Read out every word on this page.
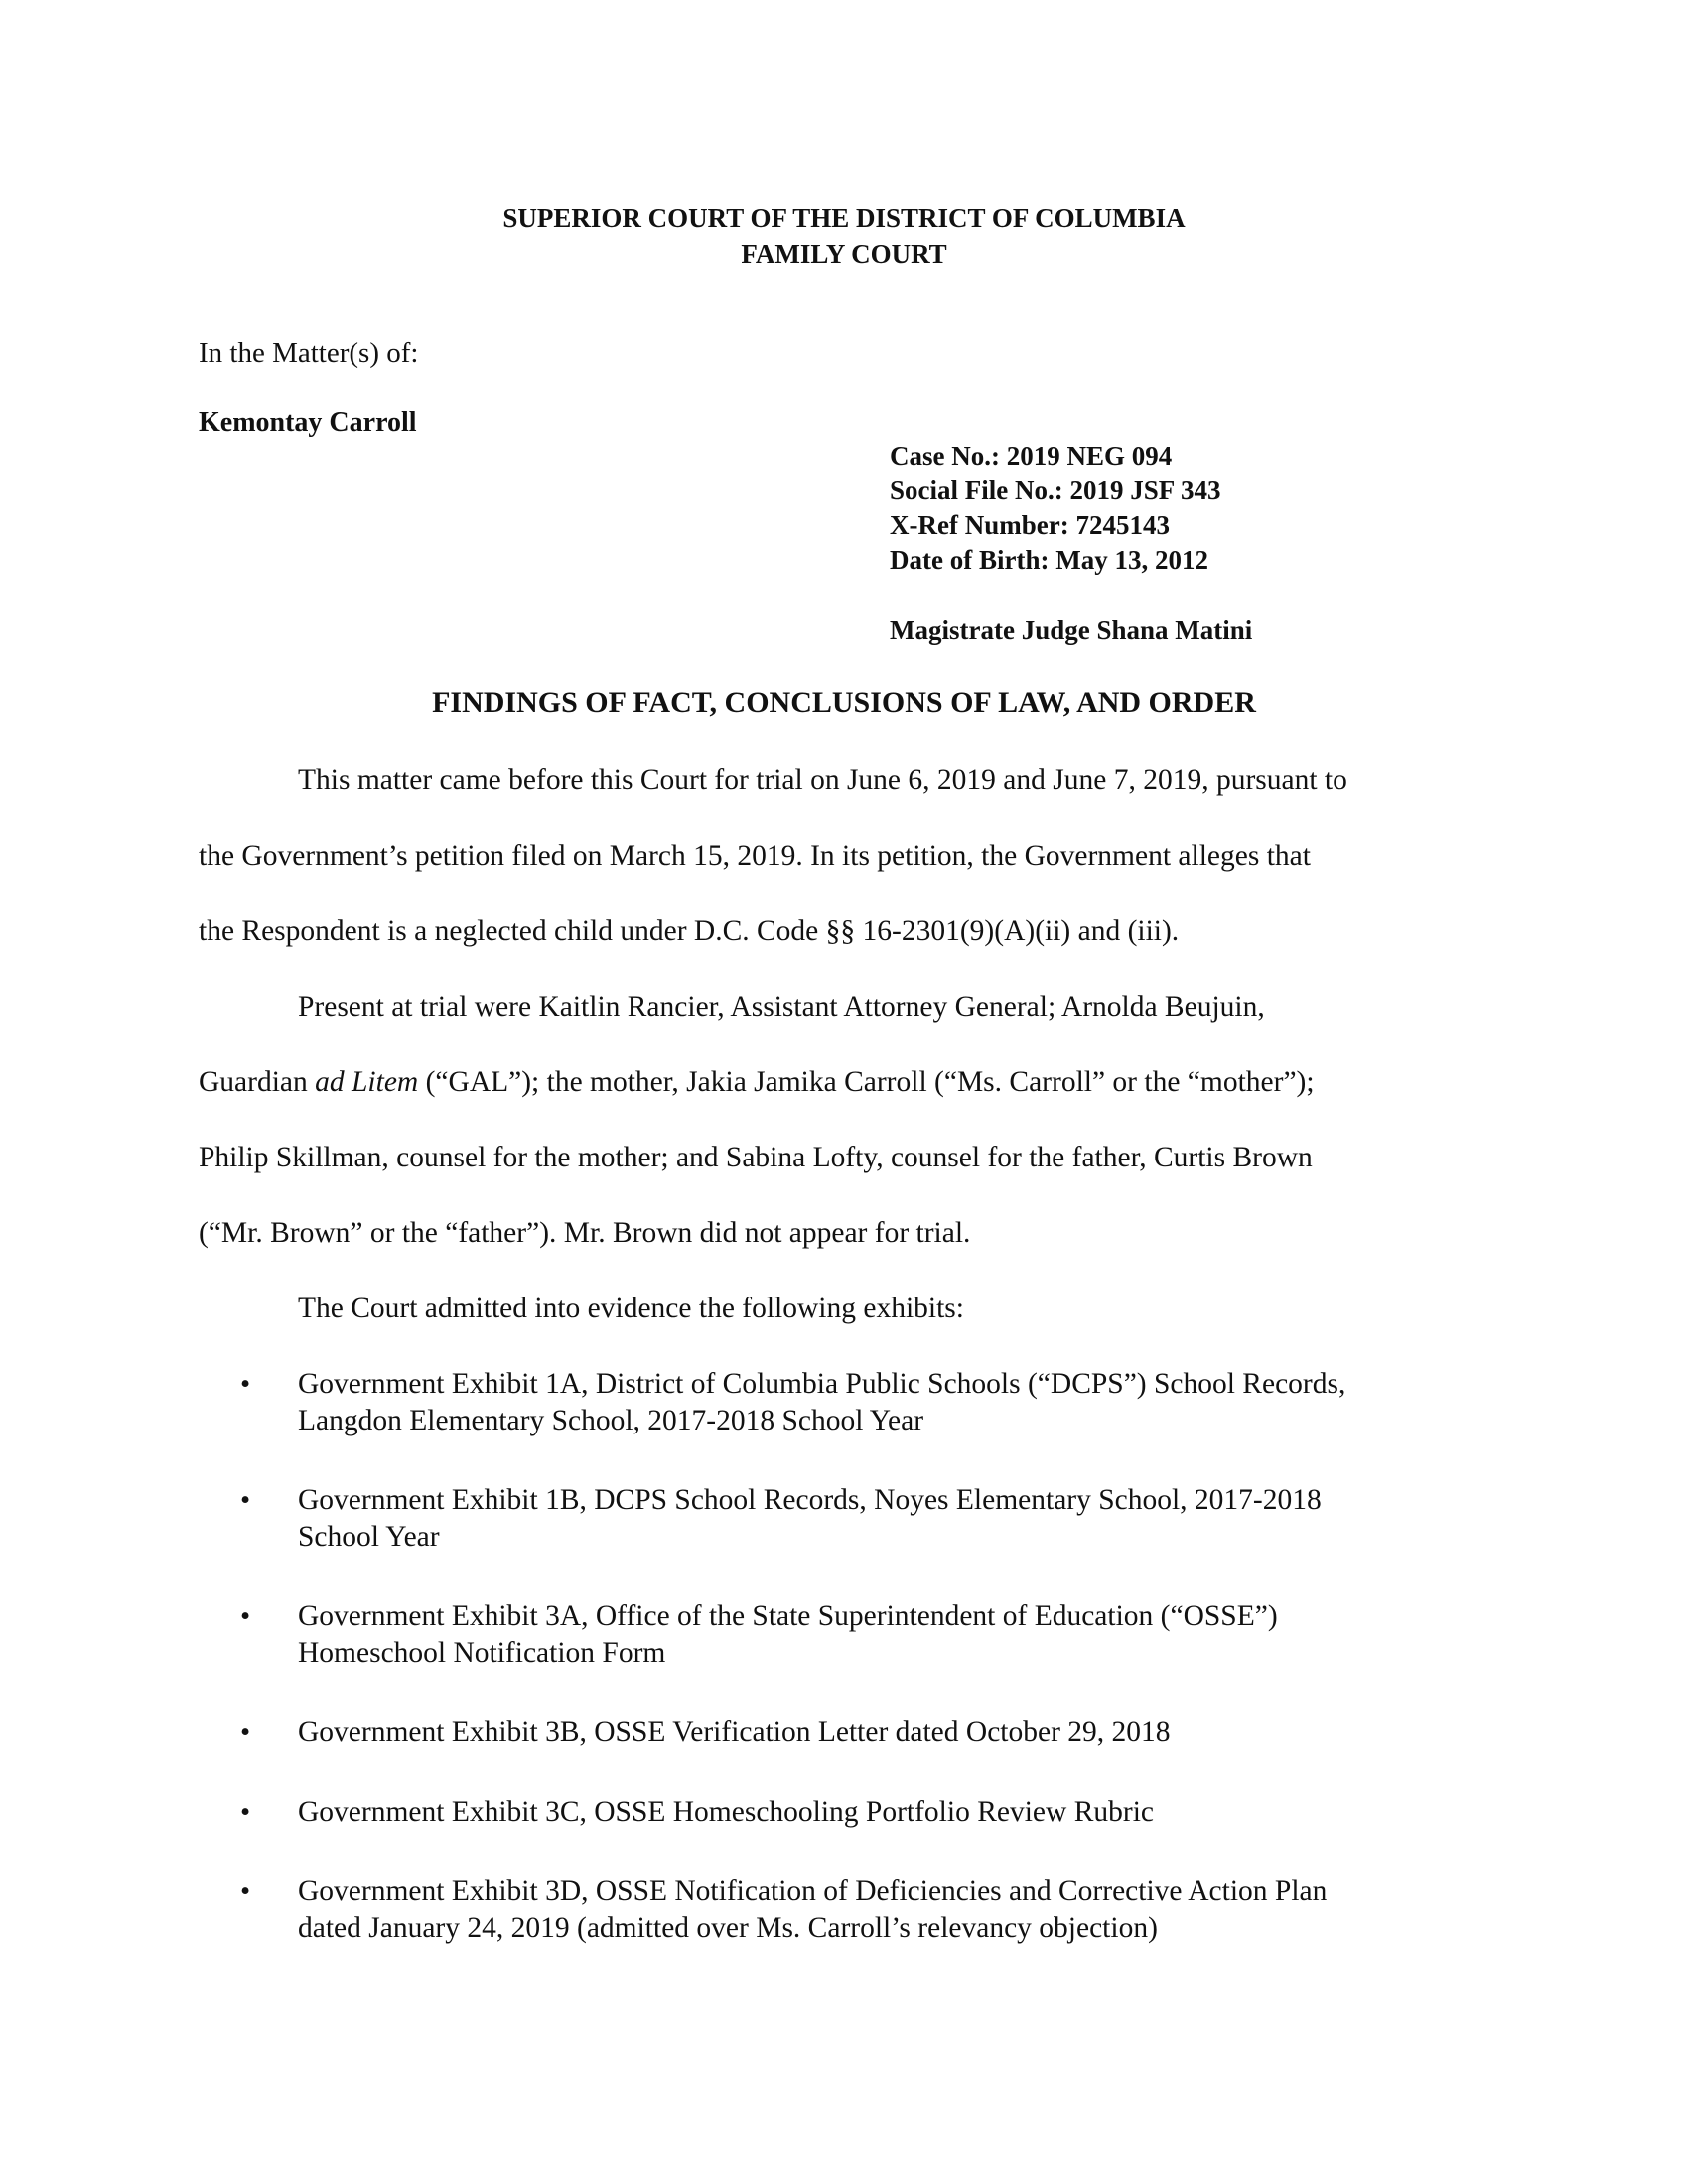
SUPERIOR COURT OF THE DISTRICT OF COLUMBIA
FAMILY COURT
In the Matter(s) of:
Kemontay Carroll
Case No.: 2019 NEG 094
Social File No.: 2019 JSF 343
X-Ref Number: 7245143
Date of Birth: May 13, 2012
Magistrate Judge Shana Matini
FINDINGS OF FACT, CONCLUSIONS OF LAW, AND ORDER
This matter came before this Court for trial on June 6, 2019 and June 7, 2019, pursuant to
the Government’s petition filed on March 15, 2019. In its petition, the Government alleges that
the Respondent is a neglected child under D.C. Code §§ 16-2301(9)(A)(ii) and (iii).
Present at trial were Kaitlin Rancier, Assistant Attorney General; Arnolda Beujuin,
Guardian ad Litem (“GAL”); the mother, Jakia Jamika Carroll (“Ms. Carroll” or the “mother”);
Philip Skillman, counsel for the mother; and Sabina Lofty, counsel for the father, Curtis Brown
(“Mr. Brown” or the “father”). Mr. Brown did not appear for trial.
The Court admitted into evidence the following exhibits:
• Government Exhibit 1A, District of Columbia Public Schools (“DCPS”) School Records,
Langdon Elementary School, 2017-2018 School Year
• Government Exhibit 1B, DCPS School Records, Noyes Elementary School, 2017-2018
School Year
• Government Exhibit 3A, Office of the State Superintendent of Education (“OSSE”)
Homeschool Notification Form
• Government Exhibit 3B, OSSE Verification Letter dated October 29, 2018
• Government Exhibit 3C, OSSE Homeschooling Portfolio Review Rubric
• Government Exhibit 3D, OSSE Notification of Deficiencies and Corrective Action Plan
dated January 24, 2019 (admitted over Ms. Carroll’s relevancy objection)
